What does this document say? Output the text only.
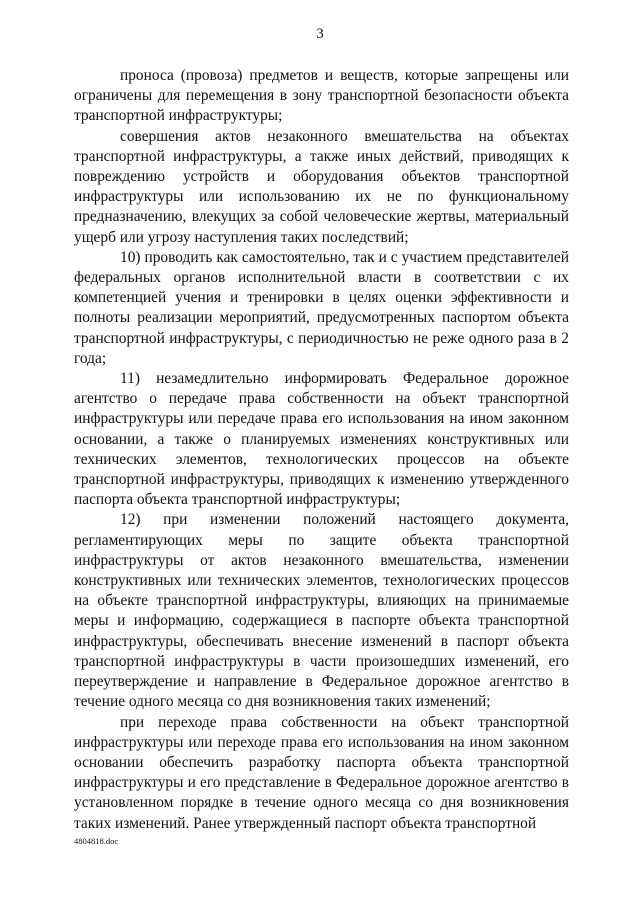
3

проноса (провоза) предметов и веществ, которые запрещены или ограничены для перемещения в зону транспортной безопасности объекта транспортной инфраструктуры;

совершения актов незаконного вмешательства на объектах транспортной инфраструктуры, а также иных действий, приводящих к повреждению устройств и оборудования объектов транспортной инфраструктуры или использованию их не по функциональному предназначению, влекущих за собой человеческие жертвы, материальный ущерб или угрозу наступления таких последствий;

10) проводить как самостоятельно, так и с участием представителей федеральных органов исполнительной власти в соответствии с их компетенцией учения и тренировки в целях оценки эффективности и полноты реализации мероприятий, предусмотренных паспортом объекта транспортной инфраструктуры, с периодичностью не реже одного раза в 2 года;

11) незамедлительно информировать Федеральное дорожное агентство о передаче права собственности на объект транспортной инфраструктуры или передаче права его использования на ином законном основании, а также о планируемых изменениях конструктивных или технических элементов, технологических процессов на объекте транспортной инфраструктуры, приводящих к изменению утвержденного паспорта объекта транспортной инфраструктуры;

12) при изменении положений настоящего документа, регламентирующих меры по защите объекта транспортной инфраструктуры от актов незаконного вмешательства, изменении конструктивных или технических элементов, технологических процессов на объекте транспортной инфраструктуры, влияющих на принимаемые меры и информацию, содержащиеся в паспорте объекта транспортной инфраструктуры, обеспечивать внесение изменений в паспорт объекта транспортной инфраструктуры в части произошедших изменений, его переутверждение и направление в Федеральное дорожное агентство в течение одного месяца со дня возникновения таких изменений;

при переходе права собственности на объект транспортной инфраструктуры или переходе права его использования на ином законном основании обеспечить разработку паспорта объекта транспортной инфраструктуры и его представление в Федеральное дорожное агентство в установленном порядке в течение одного месяца со дня возникновения таких изменений. Ранее утвержденный паспорт объекта транспортной

4804818.doc
